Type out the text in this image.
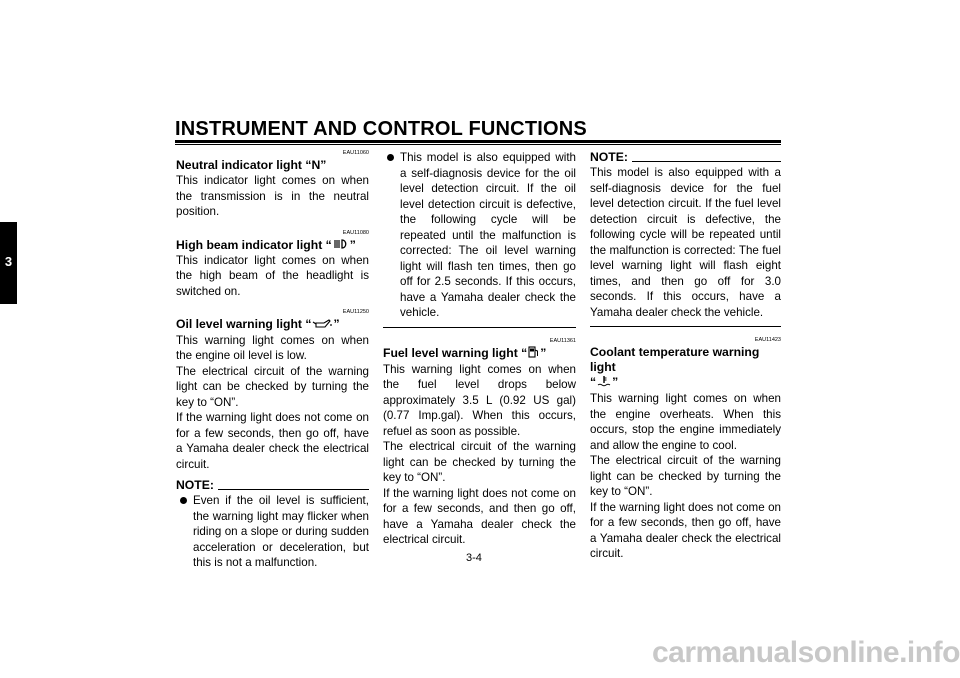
INSTRUMENT AND CONTROL FUNCTIONS
3
EAU11060
Neutral indicator light “N”
This indicator light comes on when the transmission is in the neutral position.
EAU11080
High beam indicator light “ ”
This indicator light comes on when the high beam of the headlight is switched on.
EAU11250
Oil level warning light “ ”
This warning light comes on when the engine oil level is low.
The electrical circuit of the warning light can be checked by turning the key to “ON”.
If the warning light does not come on for a few seconds, then go off, have a Yamaha dealer check the electrical circuit.
NOTE:
Even if the oil level is sufficient, the warning light may flicker when riding on a slope or during sudden acceleration or deceleration, but this is not a malfunction.
This model is also equipped with a self-diagnosis device for the oil level detection circuit. If the oil level detection circuit is defective, the following cycle will be repeated until the malfunction is corrected: The oil level warning light will flash ten times, then go off for 2.5 seconds. If this occurs, have a Yamaha dealer check the vehicle.
EAU11361
Fuel level warning light “ ”
This warning light comes on when the fuel level drops below approximately 3.5 L (0.92 US gal) (0.77 Imp.gal). When this occurs, refuel as soon as possible.
The electrical circuit of the warning light can be checked by turning the key to “ON”.
If the warning light does not come on for a few seconds, and then go off, have a Yamaha dealer check the electrical circuit.
NOTE:
This model is also equipped with a self-diagnosis device for the fuel level detection circuit. If the fuel level detection circuit is defective, the following cycle will be repeated until the malfunction is corrected: The fuel level warning light will flash eight times, and then go off for 3.0 seconds. If this occurs, have a Yamaha dealer check the vehicle.
EAU11423
Coolant temperature warning light
“ ”
This warning light comes on when the engine overheats. When this occurs, stop the engine immediately and allow the engine to cool.
The electrical circuit of the warning light can be checked by turning the key to “ON”.
If the warning light does not come on for a few seconds, then go off, have a Yamaha dealer check the electrical circuit.
3-4
carmanualsonline.info
